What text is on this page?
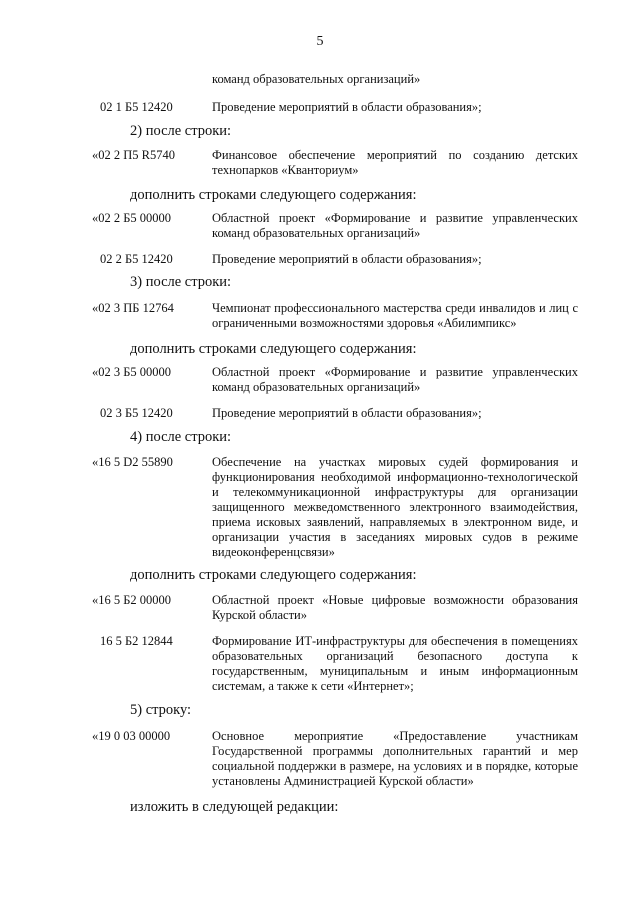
5
команд образовательных организаций»
02 1 Б5 12420	Проведение мероприятий в области образования»;
2) после строки:
«02 2 П5 R5740	Финансовое обеспечение мероприятий по созданию детских технопарков «Кванториум»
дополнить строками следующего содержания:
«02 2 Б5 00000	Областной проект «Формирование и развитие управленческих команд образовательных организаций»
02 2 Б5 12420	Проведение мероприятий в области образования»;
3) после строки:
«02 3 ПБ 12764	Чемпионат профессионального мастерства среди инвалидов и лиц с ограниченными возможностями здоровья «Абилимпикс»
дополнить строками следующего содержания:
«02 3 Б5 00000	Областной проект «Формирование и развитие управленческих команд образовательных организаций»
02 3 Б5 12420	Проведение мероприятий в области образования»;
4) после строки:
«16 5 D2 55890	Обеспечение на участках мировых судей формирования и функционирования необходимой информационно-технологической и телекоммуникационной инфраструктуры для организации защищенного межведомственного электронного взаимодействия, приема исковых заявлений, направляемых в электронном виде, и организации участия в заседаниях мировых судов в режиме видеоконференцсвязи»
дополнить строками следующего содержания:
«16 5 Б2 00000	Областной проект «Новые цифровые возможности образования Курской области»
16 5 Б2 12844	Формирование ИТ-инфраструктуры для обеспечения в помещениях образовательных организаций безопасного доступа к государственным, муниципальным и иным информационным системам, а также к сети «Интернет»;
5) строку:
«19 0 03 00000	Основное мероприятие «Предоставление участникам Государственной программы дополнительных гарантий и мер социальной поддержки в размере, на условиях и в порядке, которые установлены Администрацией Курской области»
изложить в следующей редакции:
